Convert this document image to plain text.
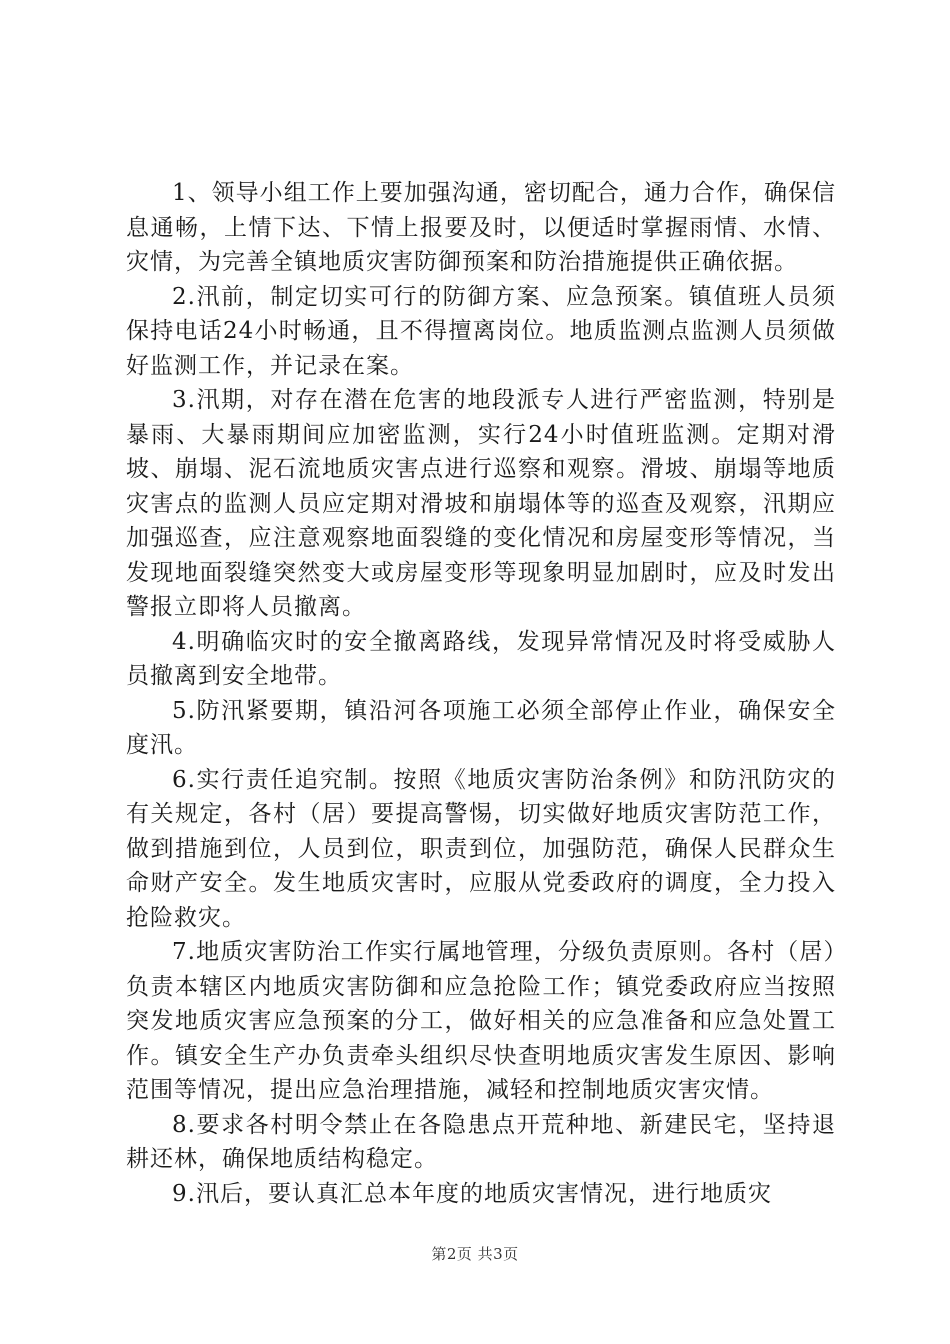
1、领导小组工作上要加强沟通，密切配合，通力合作，确保信息通畅，上情下达、下情上报要及时，以便适时掌握雨情、水情、灾情，为完善全镇地质灾害防御预案和防治措施提供正确依据。

2.汛前，制定切实可行的防御方案、应急预案。镇值班人员须保持电话24小时畅通，且不得擅离岗位。地质监测点监测人员须做好监测工作，并记录在案。

3.汛期，对存在潜在危害的地段派专人进行严密监测，特别是暴雨、大暴雨期间应加密监测，实行24小时值班监测。定期对滑坡、崩塌、泥石流地质灾害点进行巡察和观察。滑坡、崩塌等地质灾害点的监测人员应定期对滑坡和崩塌体等的巡查及观察，汛期应加强巡查，应注意观察地面裂缝的变化情况和房屋变形等情况，当发现地面裂缝突然变大或房屋变形等现象明显加剧时，应及时发出警报立即将人员撤离。

4.明确临灾时的安全撤离路线，发现异常情况及时将受威胁人员撤离到安全地带。

5.防汛紧要期，镇沿河各项施工必须全部停止作业，确保安全度汛。

6.实行责任追究制。按照《地质灾害防治条例》和防汛防灾的有关规定，各村（居）要提高警惕，切实做好地质灾害防范工作，做到措施到位，人员到位，职责到位，加强防范，确保人民群众生命财产安全。发生地质灾害时，应服从党委政府的调度，全力投入抢险救灾。

7.地质灾害防治工作实行属地管理，分级负责原则。各村（居）负责本辖区内地质灾害防御和应急抢险工作；镇党委政府应当按照突发地质灾害应急预案的分工，做好相关的应急准备和应急处置工作。镇安全生产办负责牵头组织尽快查明地质灾害发生原因、影响范围等情况，提出应急治理措施，减轻和控制地质灾害灾情。

8.要求各村明令禁止在各隐患点开荒种地、新建民宅，坚持退耕还林，确保地质结构稳定。

9.汛后，要认真汇总本年度的地质灾害情况，进行地质灾

第2页 共3页
